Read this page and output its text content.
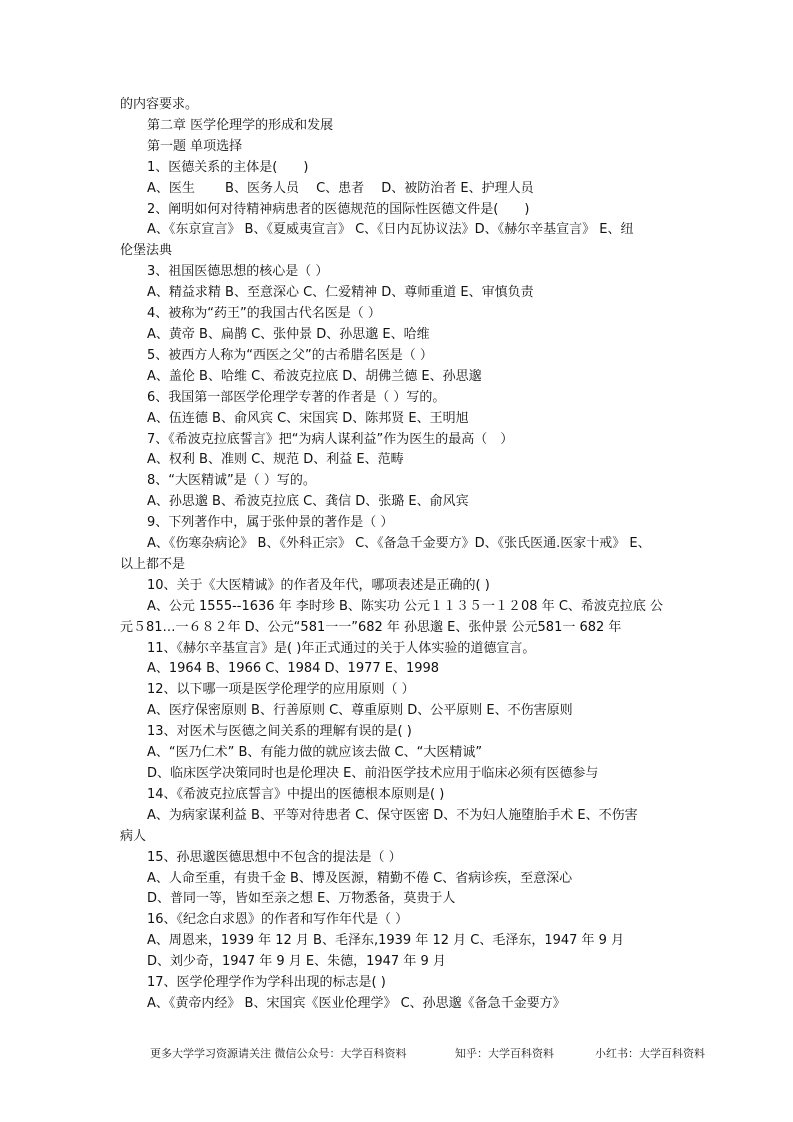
的内容要求。

第二章 医学伦理学的形成和发展

第一题 单项选择

1、医德关系的主体是(　　)

A、医生　　 B、医务人员　 C、患者　 D、被防治者 E、护理人员

2、阐明如何对待精神病患者的医德规范的国际性医德文件是(　　)

A、《东京宣言》 B、《夏威夷宣言》 C、《日内瓦协议法》D、《赫尔辛基宣言》 E、纽

伦堡法典

3、祖国医德思想的核心是（ ）

A、精益求精 B、至意深心 C、仁爱精神 D、尊师重道 E、审慎负责

4、被称为“药王”的我国古代名医是（ ）

A、黄帝 B、扁鹊 C、张仲景 D、孙思邈 E、哈维

5、被西方人称为“西医之父”的古希腊名医是（ ）

A、盖伦 B、哈维 C、希波克拉底 D、胡佛兰德 E、孙思邈

6、我国第一部医学伦理学专著的作者是（ ）写的。

A、伍连德 B、俞风宾 C、宋国宾 D、陈邦贤 E、王明旭

7、《希波克拉底誓言》把“为病人谋利益”作为医生的最高（　）

A、权利 B、准则 C、规范 D、利益 E、范畴

8、“大医精诚”是（ ）写的。

A、孙思邈 B、希波克拉底 C、龚信 D、张璐 E、俞风宾

9、下列著作中，属于张仲景的著作是（ ）

A、《伤寒杂病论》 B、《外科正宗》 C、《备急千金要方》D、《张氏医通.医家十戒》 E、

以上都不是

10、关于《大医精诚》的作者及年代，哪项表述是正确的( )

A、公元 1555--1636 年 李时珍 B、陈实功 公元１１３５一１２08 年 C、希波克拉底 公

元５81…一６８２年 D、公元“581一一”682 年 孙思邈 E、张仲景 公元581一 682 年

11、《赫尔辛基宣言》是( )年正式通过的关于人体实验的道德宣言。

A、1964 B、1966 C、1984 D、1977 E、1998

12、以下哪一项是医学伦理学的应用原则（ ）

A、医疗保密原则 B、行善原则 C、尊重原则 D、公平原则 E、不伤害原则

13、对医术与医德之间关系的理解有误的是( )

A、“医乃仁术” B、有能力做的就应该去做 C、“大医精诚”

D、临床医学决策同时也是伦理决 E、前沿医学技术应用于临床必须有医德参与

14、《希波克拉底誓言》中提出的医德根本原则是( )

A、为病家谋利益 B、平等对待患者 C、保守医密 D、不为妇人施堕胎手术 E、不伤害

病人

15、孙思邈医德思想中不包含的提法是（ ）

A、人命至重，有贵千金 B、博及医源，精勤不倦 C、省病诊疾，至意深心

D、普同一等，皆如至亲之想 E、万物悉备，莫贵于人

16、《纪念白求恩》的作者和写作年代是（ ）

A、周恩来，1939 年 12 月 B、毛泽东,1939 年 12 月 C、毛泽东，1947 年 9 月

D、刘少奇，1947 年 9 月 E、朱德，1947 年 9 月

17、医学伦理学作为学科出现的标志是( )

A、《黄帝内经》 B、宋国宾《医业伦理学》 C、孙思邈《备急千金要方》

更多大学学习资源请关注 微信公众号：大学百科资料	知乎：大学百科资料	小红书：大学百科资料
